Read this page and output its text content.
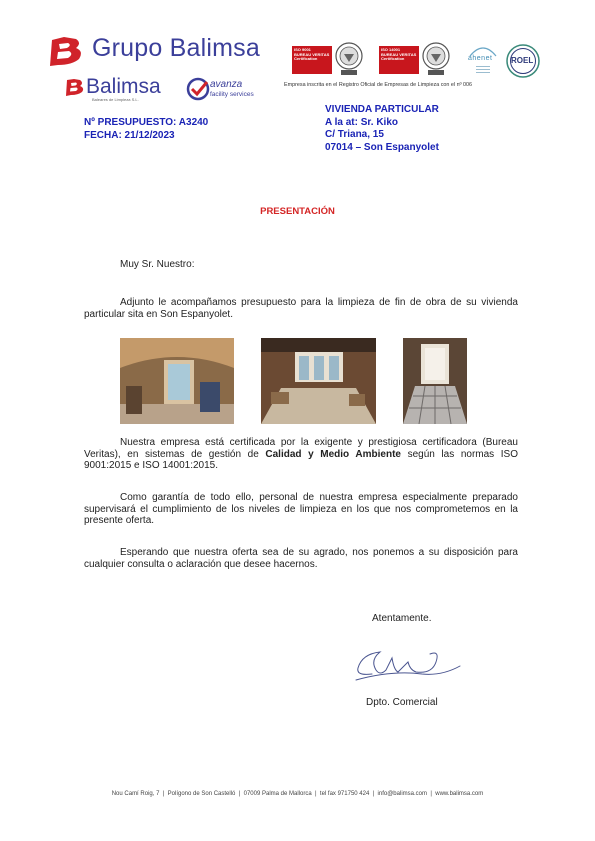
Grupo Balimsa
Balimsa
Baleares de Limpieza S.L.
avanza
facility services
ISO 9001
BUREAU VERITAS
Certification
ISO 14001
BUREAU VERITAS
Certification	ahenet ROEL
Empresa inscrita en el Registro Oficial de Empresas de Limpieza con el nº 006
VIVIENDA PARTICULAR
A la at: Sr. Kiko
C/ Triana, 15
07014 – Son Espanyolet
Nº PRESUPUESTO: A3240
FECHA: 21/12/2023
PRESENTACIÓN
Muy Sr. Nuestro:
Adjunto le acompañamos presupuesto para la limpieza de fin de obra de su vivienda particular sita en Son Espanyolet.
Nuestra empresa está certificada por la exigente y prestigiosa certificadora (Bureau Veritas), en sistemas de gestión de Calidad y Medio Ambiente según las normas ISO 9001:2015 e ISO 14001:2015.
Como garantía de todo ello, personal de nuestra empresa especialmente preparado supervisará el cumplimiento de los niveles de limpieza en los que nos comprometemos en la presente oferta.
Esperando que nuestra oferta sea de su agrado, nos ponemos a su disposición para cualquier consulta o aclaración que desee hacernos.
Atentamente.
Dpto. Comercial
Nou Camí Roig, 7 | Polígono de Son Castelló | 07009 Palma de Mallorca | tel fax 971750 424 | info@balimsa.com | www.balimsa.com
